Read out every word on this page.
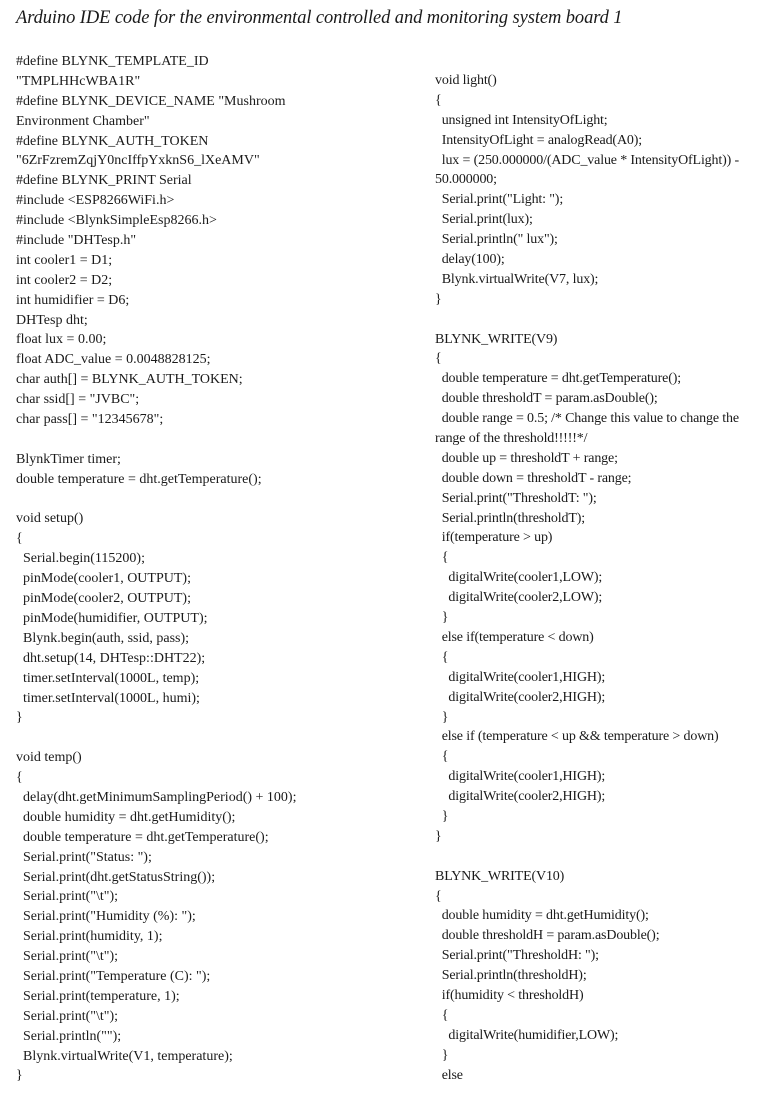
Arduino IDE code for the environmental controlled and monitoring system board 1
#define BLYNK_TEMPLATE_ID
"TMPLHHcWBA1R"
#define BLYNK_DEVICE_NAME "Mushroom
Environment Chamber"
#define BLYNK_AUTH_TOKEN
"6ZrFzremZqjY0ncIffpYxknS6_lXeAMV"
#define BLYNK_PRINT Serial
#include <ESP8266WiFi.h>
#include <BlynkSimpleEsp8266.h>
#include "DHTesp.h"
int cooler1 = D1;
int cooler2 = D2;
int humidifier = D6;
DHTesp dht;
float lux = 0.00;
float ADC_value = 0.0048828125;
char auth[] = BLYNK_AUTH_TOKEN;
char ssid[] = "JVBC";
char pass[] = "12345678";
BlynkTimer timer;
double temperature = dht.getTemperature();
void setup()
{
Serial.begin(115200);
pinMode(cooler1, OUTPUT);
pinMode(cooler2, OUTPUT);
pinMode(humidifier, OUTPUT);
Blynk.begin(auth, ssid, pass);
dht.setup(14, DHTesp::DHT22);
timer.setInterval(1000L, temp);
timer.setInterval(1000L, humi);
}
void temp()
{
delay(dht.getMinimumSamplingPeriod() + 100);
double humidity = dht.getHumidity();
double temperature = dht.getTemperature();
Serial.print("Status: ");
Serial.print(dht.getStatusString());
Serial.print("\t");
Serial.print("Humidity (%): ");
Serial.print(humidity, 1);
Serial.print("\t");
Serial.print("Temperature (C): ");
Serial.print(temperature, 1);
Serial.print("\t");
Serial.println("");
Blynk.virtualWrite(V1, temperature);
}
void light()
{
unsigned int IntensityOfLight;
IntensityOfLight = analogRead(A0);
lux = (250.000000/(ADC_value * IntensityOfLight)) -
50.000000;
Serial.print("Light: ");
Serial.print(lux);
Serial.println(" lux");
delay(100);
Blynk.virtualWrite(V7, lux);
}
BLYNK_WRITE(V9)
{
double temperature = dht.getTemperature();
double thresholdT = param.asDouble();
double range = 0.5; /* Change this value to change the
range of the threshold!!!!!*/
double up = thresholdT + range;
double down = thresholdT - range;
Serial.print("ThresholdT: ");
Serial.println(thresholdT);
if(temperature > up)
{
digitalWrite(cooler1,LOW);
digitalWrite(cooler2,LOW);
}
else if(temperature < down)
{
digitalWrite(cooler1,HIGH);
digitalWrite(cooler2,HIGH);
}
else if (temperature < up && temperature > down)
{
digitalWrite(cooler1,HIGH);
digitalWrite(cooler2,HIGH);
}
}
BLYNK_WRITE(V10)
{
double humidity = dht.getHumidity();
double thresholdH = param.asDouble();
Serial.print("ThresholdH: ");
Serial.println(thresholdH);
if(humidity < thresholdH)
{
digitalWrite(humidifier,LOW);
}
else
